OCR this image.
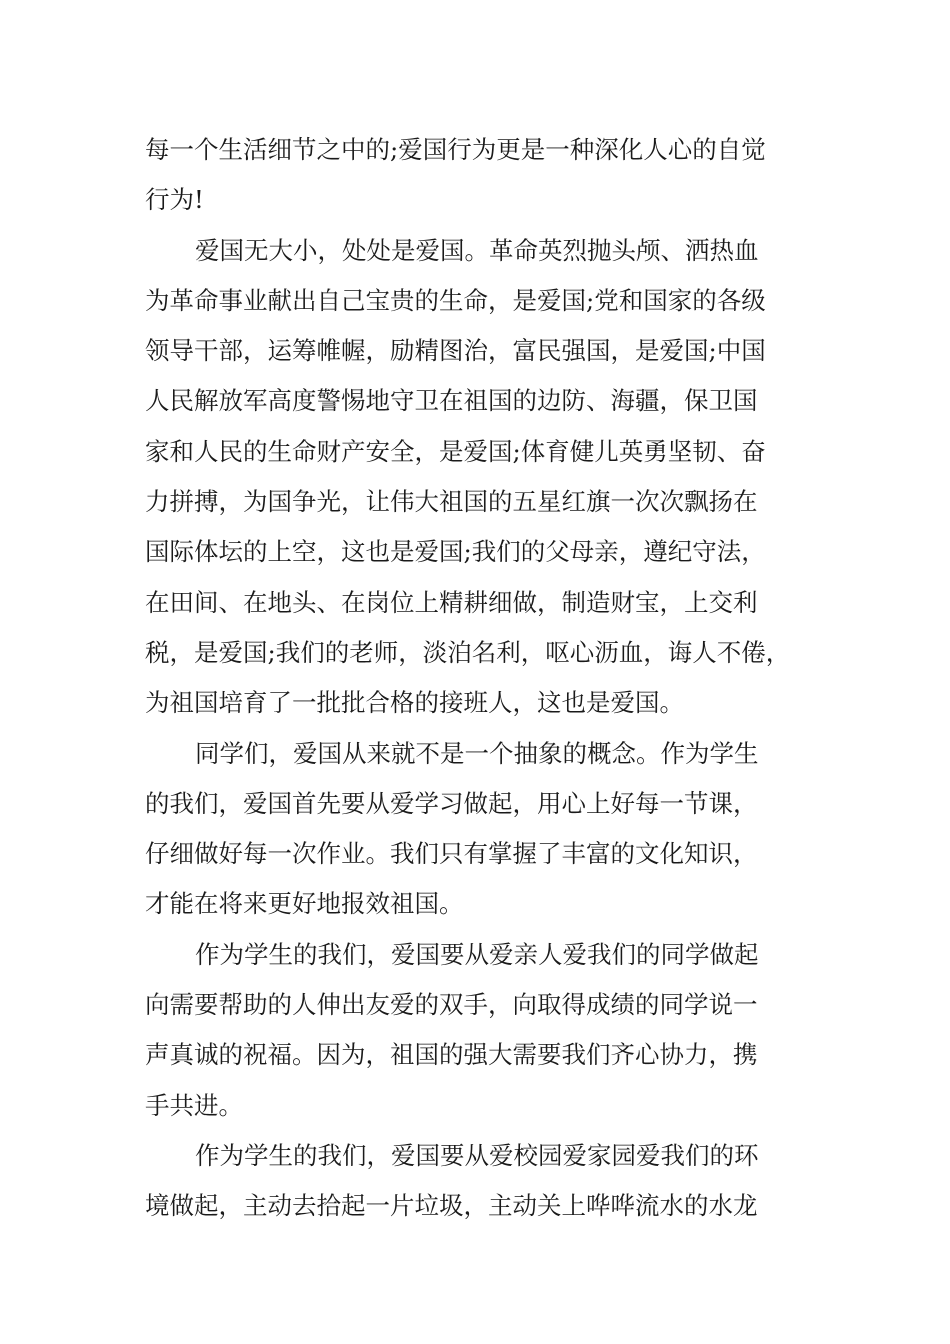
每一个生活细节之中的;爱国行为更是一种深化人心的自觉
行为!
爱国无大小，处处是爱国。革命英烈抛头颅、洒热血
为革命事业献出自己宝贵的生命，是爱国;党和国家的各级
领导干部，运筹帷幄，励精图治，富民强国，是爱国;中国
人民解放军高度警惕地守卫在祖国的边防、海疆，保卫国
家和人民的生命财产安全，是爱国;体育健儿英勇坚韧、奋
力拼搏，为国争光，让伟大祖国的五星红旗一次次飘扬在
国际体坛的上空，这也是爱国;我们的父母亲，遵纪守法，
在田间、在地头、在岗位上精耕细做，制造财宝，上交利
税，是爱国;我们的老师，淡泊名利，呕心沥血，诲人不倦，
为祖国培育了一批批合格的接班人，这也是爱国。
同学们，爱国从来就不是一个抽象的概念。作为学生
的我们，爱国首先要从爱学习做起，用心上好每一节课，
仔细做好每一次作业。我们只有掌握了丰富的文化知识，
才能在将来更好地报效祖国。
作为学生的我们，爱国要从爱亲人爱我们的同学做起
向需要帮助的人伸出友爱的双手，向取得成绩的同学说一
声真诚的祝福。因为，祖国的强大需要我们齐心协力，携
手共进。
作为学生的我们，爱国要从爱校园爱家园爱我们的环
境做起，主动去拾起一片垃圾，主动关上哗哗流水的水龙
